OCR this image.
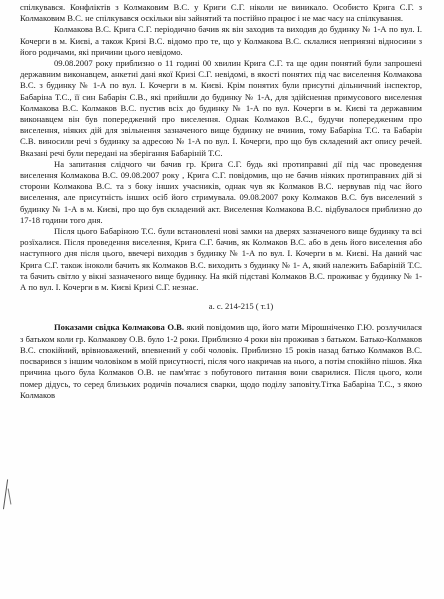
спілкувався. Конфліктів з Колмаковим В.С. у Криги С.Г. ніколи не виникало. Особисто Крига С.Г. з Колмаковим В.С. не спілкувався оскільки він зайнятий та постійно працює і не має часу на спілкування.

Колмакова В.С. Крига С.Г. періодично бачив як він заходив та виходив до будинку № 1-А по вул. І. Кочерги в м. Києві, а також Кризі В.С. відомо про те, що у Колмакова В.С. склалися неприязні відносини з його родичами, які причини цього невідомо.

09.08.2007 року приблизно о 11 годині 00 хвилин Крига С.Г. та ще один понятий були запрошені державним виконавцем, анкетні дані якої Кризі С.Г. невідомі, в якості понятих під час виселення Колмакова В.С. з будинку № 1-А по вул. І. Кочерги в м. Києві. Крім понятих були присутні дільничний інспектор, Бабаріна Т.С., її син Бабарін С.В., які прийшли до будинку № 1-А, для здійснення примусового виселення Колмакова В.С. Колмаков В.С. пустив всіх до будинку № 1-А по вул. Кочерги в м. Києві та державним виконавцем він був попереджений про виселення. Однак Колмаков В.С., будучи попередженим про виселення, ніяких дій для звільнення зазначеного вище будинку не вчинив, тому Бабаріна Т.С. та Бабарін С.В. виносили речі з будинку за адресою № 1-А по вул. І. Кочерги, про що був складений акт опису речей. Вказані речі були передані на зберігання Бабаріній Т.С.

На запитання слідчого чи бачив гр. Крига С.Г. будь які протиправні дії під час проведення виселення Колмакова В.С. 09.08.2007 року , Крига С.Г. повідомив, що не бачив ніяких протиправних дій зі сторони Колмакова В.С. та з боку інших учасників, однак чув як Колмаков В.С. нервував під час його виселення, але присутність інших осіб його стримувала. 09.08.2007 року Колмаков В.С. був виселений з будинку № 1-А в м. Києві, про що був складений акт. Виселення Колмакова В.С. відбувалося приблизно до 17-18 години того дня.

Після цього Бабаріною Т.С. були встановлені нові замки на дверях зазначеного вище будинку та всі розїхалися. Після проведення виселення, Крига С.Г. бачив, як Колмаков В.С. або в день його виселення або наступного дня після цього, ввечері виходив з будинку № 1-А по вул. І. Кочерги в м. Києві. На даний час Крига С.Г. також іноколи бачить як Колмаков В.С. виходить з будинку № 1- А, який належить Бабаріній Т.С. та бачить світло у вікні зазначеного вище будинку. На якій підставі Колмаков В.С. проживає у будинку № 1-А по вул. І. Кочерги в м. Києві Кризі С.Г. незнає.

а. с. 214-215 ( т.1)

Показами свідка Колмакова О.В. який повідомив що, його мати Мірошніченко Г.Ю. розлучилася з батьком коли гр. Колмакову О.В. було 1-2 роки. Приблизно 4 роки він проживав з батьком. Батько-Колмаков В.С. спокійний, врівноважений, впевнений у собі чоловік. Приблизно 15 років назад батько Колмаков В.С. посварився з іншим чоловіком в моїй присутності, після чого накричав на нього, а потім спокійно пішов. Яка причина цього була Колмаков О.В. не пам'ятає з побутового питання вони сварилися. Після цього, коли помер дідусь, то серед близьких родичів почалися сварки, щодо поділу заповіту.Тітка Бабаріна Т.С., з якою Колмаков
